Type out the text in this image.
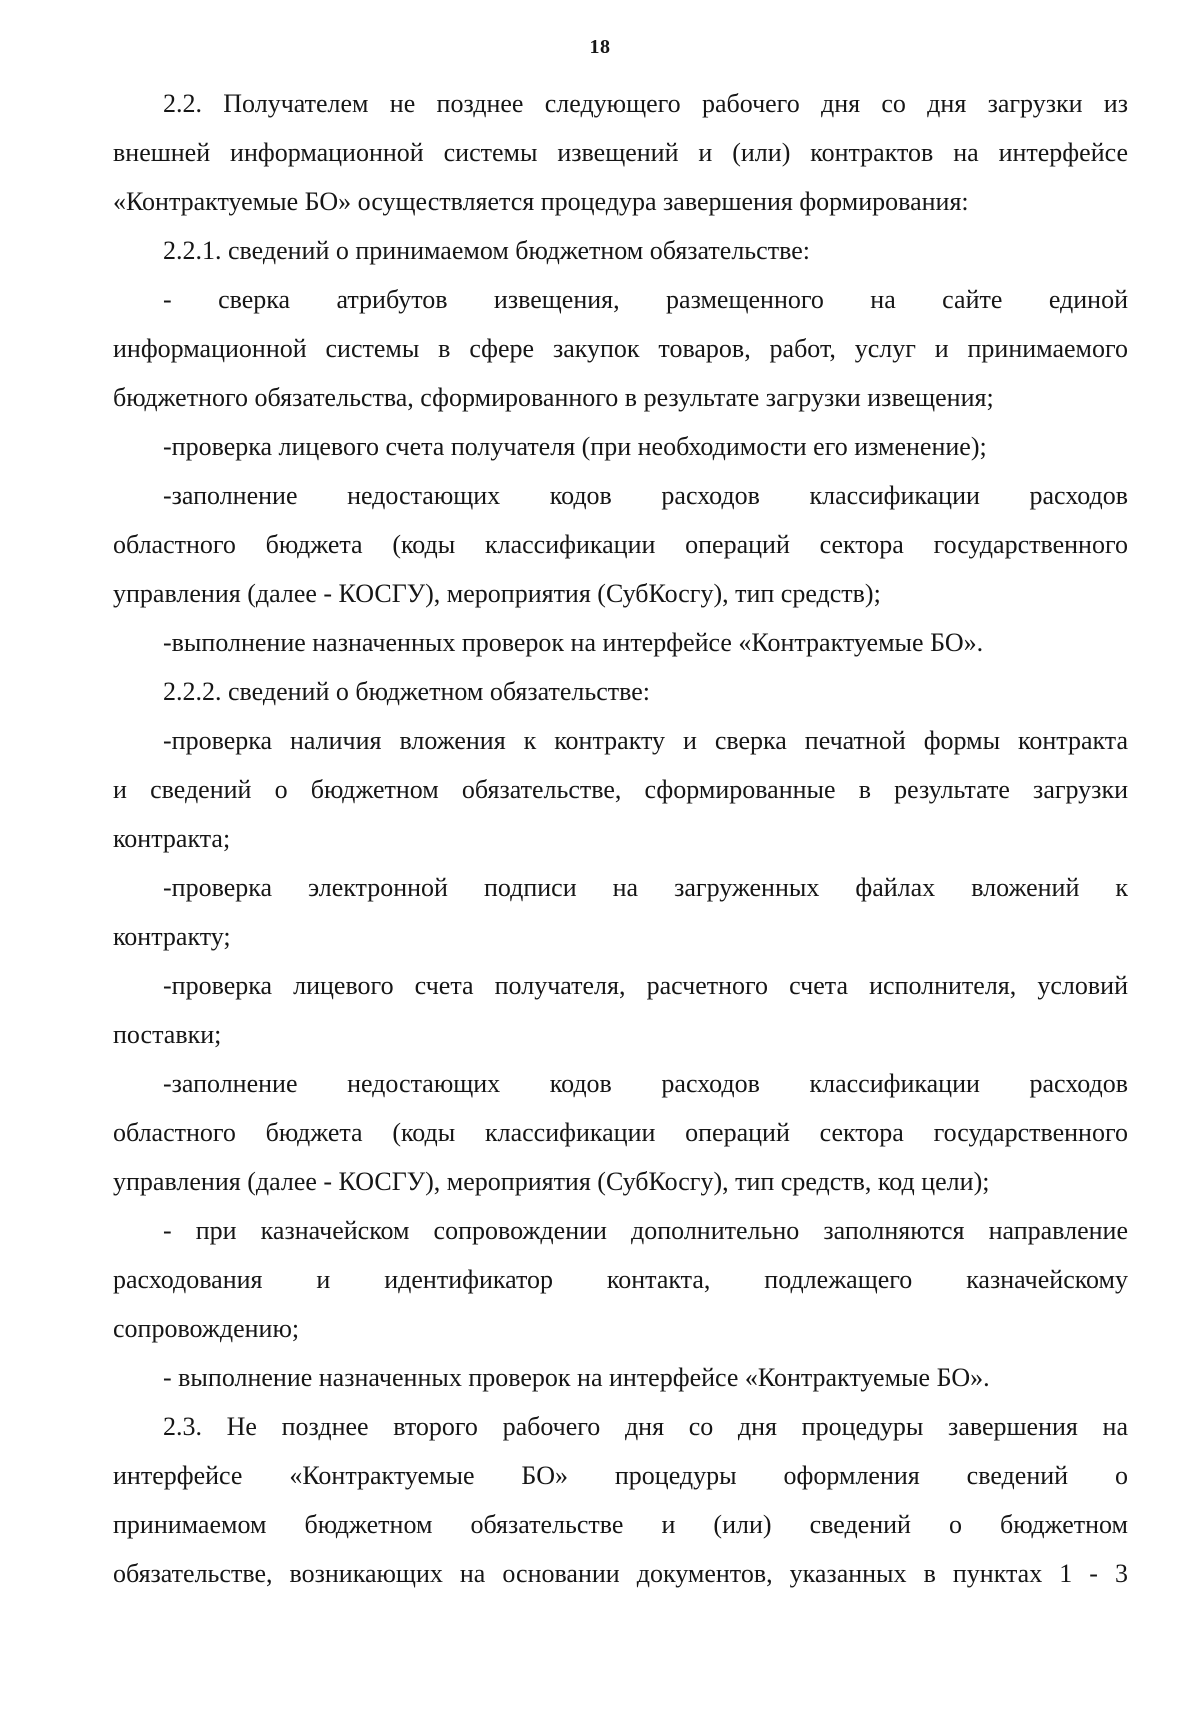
18
2.2. Получателем не позднее следующего рабочего дня со дня загрузки из
внешней информационной системы извещений и (или) контрактов на интерфейсе
«Контрактуемые БО» осуществляется процедура завершения формирования:
2.2.1. сведений о принимаемом бюджетном обязательстве:
- сверка атрибутов извещения, размещенного на сайте единой
информационной системы в сфере закупок товаров, работ, услуг и принимаемого
бюджетного обязательства, сформированного в результате загрузки извещения;
-проверка лицевого счета получателя (при необходимости его изменение);
-заполнение недостающих кодов расходов классификации расходов
областного бюджета (коды классификации операций сектора государственного
управления (далее - КОСГУ), мероприятия (СубКосгу), тип средств);
-выполнение назначенных проверок на интерфейсе «Контрактуемые БО».
2.2.2. сведений о бюджетном обязательстве:
-проверка наличия вложения к контракту и сверка печатной формы контракта
и сведений о бюджетном обязательстве, сформированные в результате загрузки
контракта;
-проверка электронной подписи на загруженных файлах вложений к
контракту;
-проверка лицевого счета получателя, расчетного счета исполнителя, условий
поставки;
-заполнение недостающих кодов расходов классификации расходов
областного бюджета (коды классификации операций сектора государственного
управления (далее - КОСГУ), мероприятия (СубКосгу), тип средств, код цели);
- при казначейском сопровождении дополнительно заполняются направление
расходования и идентификатор контакта, подлежащего казначейскому
сопровождению;
- выполнение назначенных проверок на интерфейсе «Контрактуемые БО».
2.3. Не позднее второго рабочего дня со дня процедуры завершения на
интерфейсе «Контрактуемые БО» процедуры оформления сведений о
принимаемом бюджетном обязательстве и (или) сведений о бюджетном
обязательстве, возникающих на основании документов, указанных в пунктах 1 - 3
